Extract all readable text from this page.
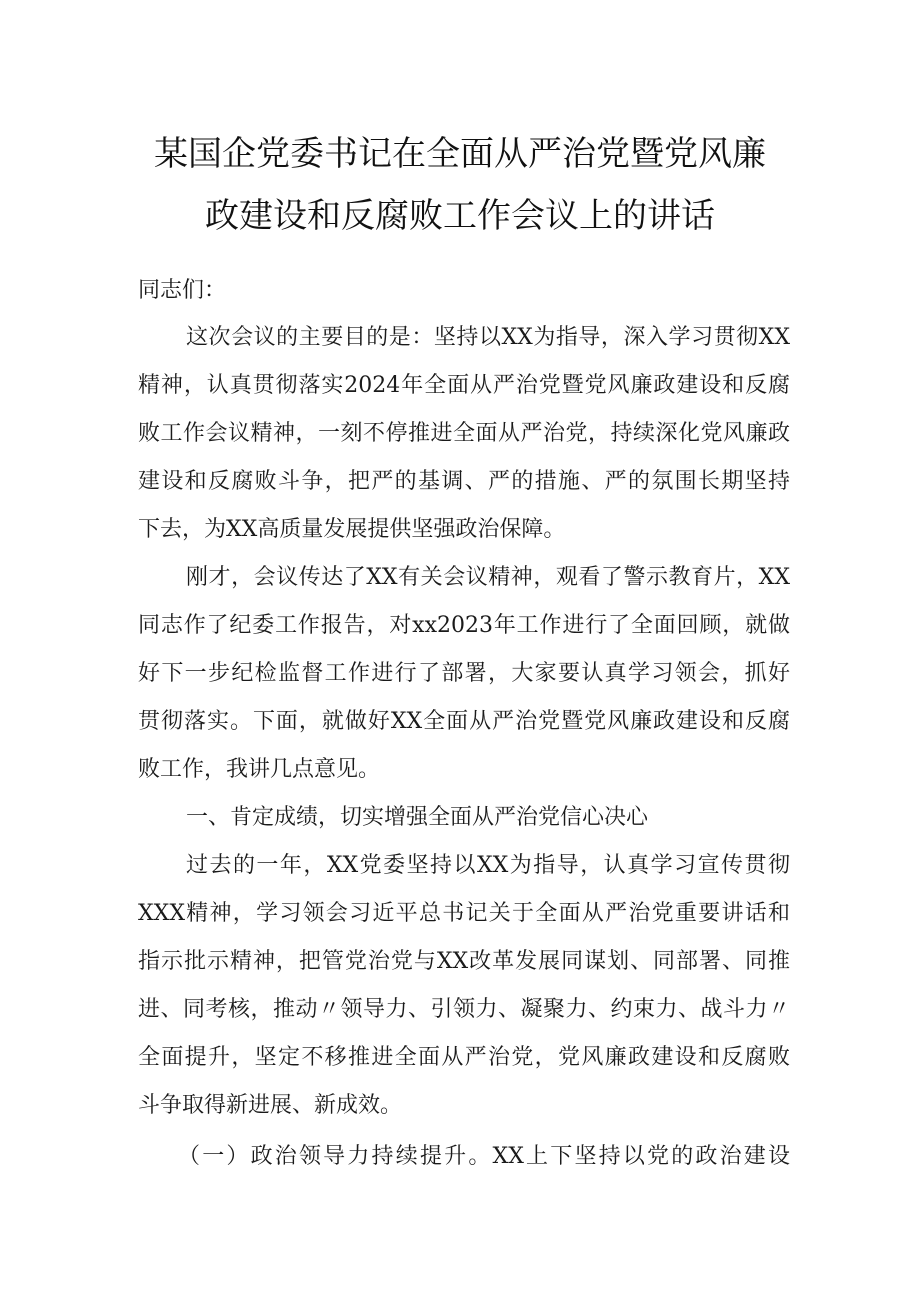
某国企党委书记在全面从严治党暨党风廉
政建设和反腐败工作会议上的讲话
同志们：
这次会议的主要目的是：坚持以XX为指导，深入学习贯彻XX
精神，认真贯彻落实2024年全面从严治党暨党风廉政建设和反腐
败工作会议精神，一刻不停推进全面从严治党，持续深化党风廉政
建设和反腐败斗争，把严的基调、严的措施、严的氛围长期坚持
下去，为XX高质量发展提供坚强政治保障。
刚才，会议传达了XX有关会议精神，观看了警示教育片，XX
同志作了纪委工作报告，对xx2023年工作进行了全面回顾，就做
好下一步纪检监督工作进行了部署，大家要认真学习领会，抓好
贯彻落实。下面，就做好XX全面从严治党暨党风廉政建设和反腐
败工作，我讲几点意见。
一、肯定成绩，切实增强全面从严治党信心决心
过去的一年，XX党委坚持以XX为指导，认真学习宣传贯彻
XXX精神，学习领会习近平总书记关于全面从严治党重要讲话和
指示批示精神，把管党治党与XX改革发展同谋划、同部署、同推
进、同考核，推动〃领导力、引领力、凝聚力、约束力、战斗力〃
全面提升，坚定不移推进全面从严治党，党风廉政建设和反腐败
斗争取得新进展、新成效。
（一）政治领导力持续提升。XX上下坚持以党的政治建设
